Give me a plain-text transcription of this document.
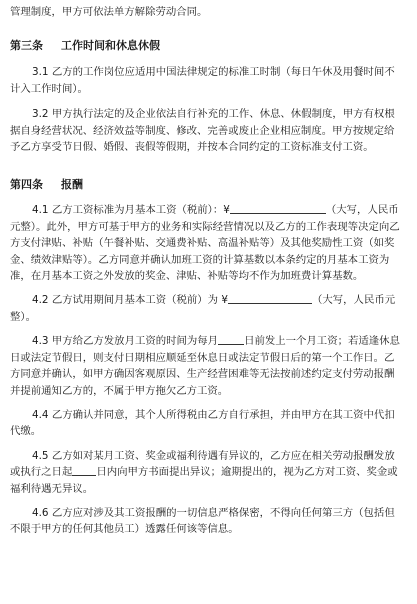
管理制度，甲方可依法单方解除劳动合同。

第三条 工作时间和休息休假

3.1 乙方的工作岗位应适用中国法律规定的标准工时制（每日午休及用餐时间不计入工作时间）。

3.2 甲方执行法定的及企业依法自行补充的工作、休息、休假制度，甲方有权根据自身经营状况、经济效益等制度、修改、完善或废止企业相应制度。甲方按规定给予乙方享受节日假、婚假、丧假等假期，并按本合同约定的工资标准支付工资。

第四条 报酬

4.1 乙方工资标准为月基本工资（税前）：¥	（大写，人民币元整）。此外，甲方可基于甲方的业务和实际经营情况以及乙方的工作表现等决定向乙方支付津贴、补贴（午餐补贴、交通费补贴、高温补贴等）及其他奖励性工资（如奖金、绩效津贴等）。乙方同意并确认加班工资的计算基数以本条约定的月基本工资为准，在月基本工资之外发放的奖金、津贴、补贴等均不作为加班费计算基数。

4.2 乙方试用期间月基本工资（税前）为 ¥	（大写，人民币元整）。

4.3 甲方给乙方发放月工资的时间为每月	日前发上一个月工资；若适逢休息日或法定节假日，则支付日期相应顺延至休息日或法定节假日后的第一个工作日。乙方同意并确认，如甲方确因客观原因、生产经营困难等无法按前述约定支付劳动报酬并提前通知乙方的，不属于甲方拖欠乙方工资。

4.4 乙方确认并同意，其个人所得税由乙方自行承担，并由甲方在其工资中代扣代缴。

4.5 乙方如对某月工资、奖金或福利待遇有异议的，乙方应在相关劳动报酬发放或执行之日起 日内向甲方书面提出异议；逾期提出的，视为乙方对工资、奖金或福利待遇无异议。

4.6 乙方应对涉及其工资报酬的一切信息严格保密，不得向任何第三方（包括但不限于甲方的任何其他员工）透露任何该等信息。
